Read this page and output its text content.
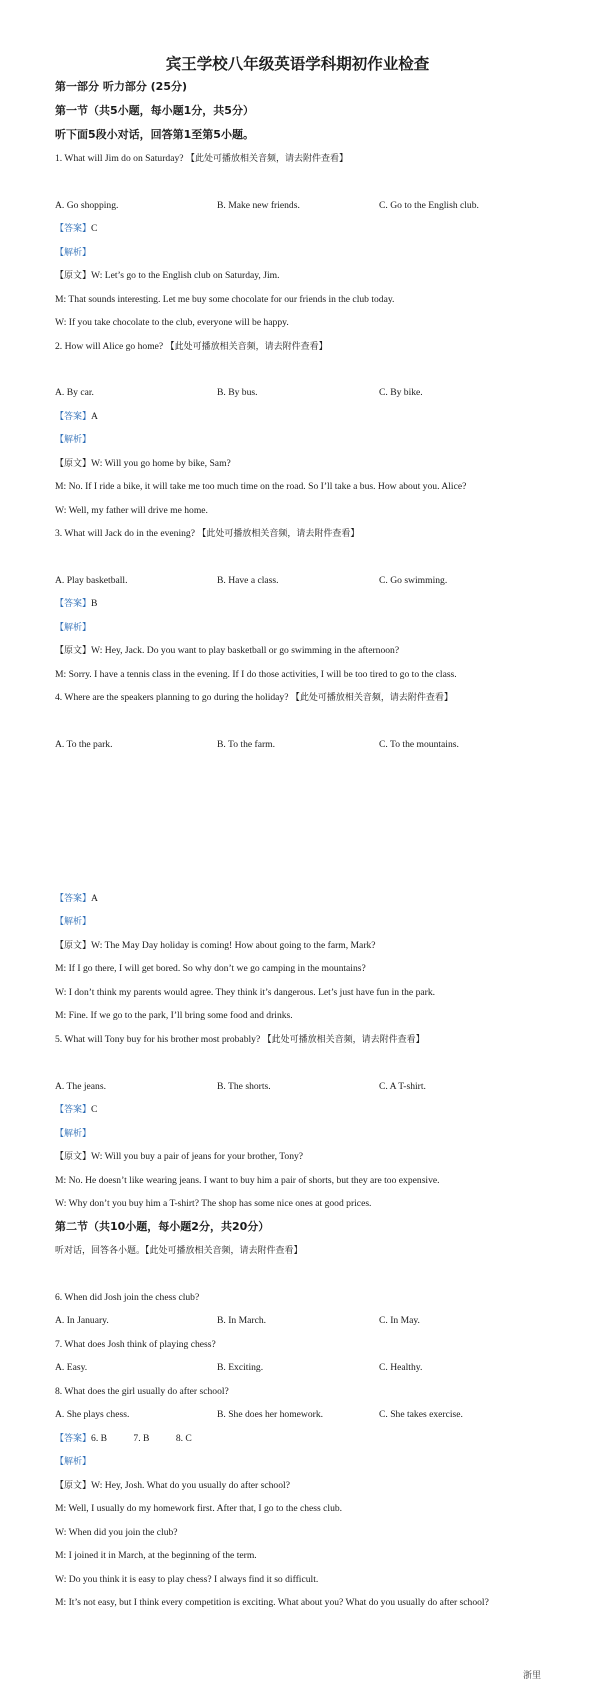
宾王学校八年级英语学科期初作业检查
第一部分 听力部分 (25分)
第一节（共5小题，每小题1分，共5分）
听下面5段小对话，回答第1至第5小题。
1. What will Jim do on Saturday? 【此处可播放相关音频，请去附件查看】
A. Go shopping.	B. Make new friends.	C. Go to the English club.
【答案】C
【解析】
【原文】W: Let’s go to the English club on Saturday, Jim.
M: That sounds interesting. Let me buy some chocolate for our friends in the club today.
W: If you take chocolate to the club, everyone will be happy.
2. How will Alice go home? 【此处可播放相关音频，请去附件查看】
A. By car.	B. By bus.	C. By bike.
【答案】A
【解析】
【原文】W: Will you go home by bike, Sam?
M: No. If I ride a bike, it will take me too much time on the road. So I’ll take a bus. How about you. Alice?
W: Well, my father will drive me home.
3. What will Jack do in the evening? 【此处可播放相关音频，请去附件查看】
A. Play basketball.	B. Have a class.	C. Go swimming.
【答案】B
【解析】
【原文】W: Hey, Jack. Do you want to play basketball or go swimming in the afternoon?
M: Sorry. I have a tennis class in the evening. If I do those activities, I will be too tired to go to the class.
4. Where are the speakers planning to go during the holiday? 【此处可播放相关音频，请去附件查看】
A. To the park.	B. To the farm.	C. To the mountains.
【答案】A
【解析】
【原文】W: The May Day holiday is coming! How about going to the farm, Mark?
M: If I go there, I will get bored. So why don’t we go camping in the mountains?
W: I don’t think my parents would agree. They think it’s dangerous. Let’s just have fun in the park.
M: Fine. If we go to the park, I’ll bring some food and drinks.
5. What will Tony buy for his brother most probably? 【此处可播放相关音频，请去附件查看】
A. The jeans.	B. The shorts.	C. A T-shirt.
【答案】C
【解析】
【原文】W: Will you buy a pair of jeans for your brother, Tony?
M: No. He doesn’t like wearing jeans. I want to buy him a pair of shorts, but they are too expensive.
W: Why don’t you buy him a T-shirt? The shop has some nice ones at good prices.
第二节（共10小题，每小题2分，共20分）
听对话，回答各小题。【此处可播放相关音频，请去附件查看】
6. When did Josh join the chess club?
A. In January.	B. In March.	C. In May.
7. What does Josh think of playing chess?
A. Easy.	B. Exciting.	C. Healthy.
8. What does the girl usually do after school?
A. She plays chess.	B. She does her homework.	C. She takes exercise.
【答案】6. B	7. B	8. C
【解析】
【原文】W: Hey, Josh. What do you usually do after school?
M: Well, I usually do my homework first. After that, I go to the chess club.
W: When did you join the club?
M: I joined it in March, at the beginning of the term.
W: Do you think it is easy to play chess? I always find it so difficult.
M: It’s not easy, but I think every competition is exciting. What about you? What do you usually do after school?
浙里
